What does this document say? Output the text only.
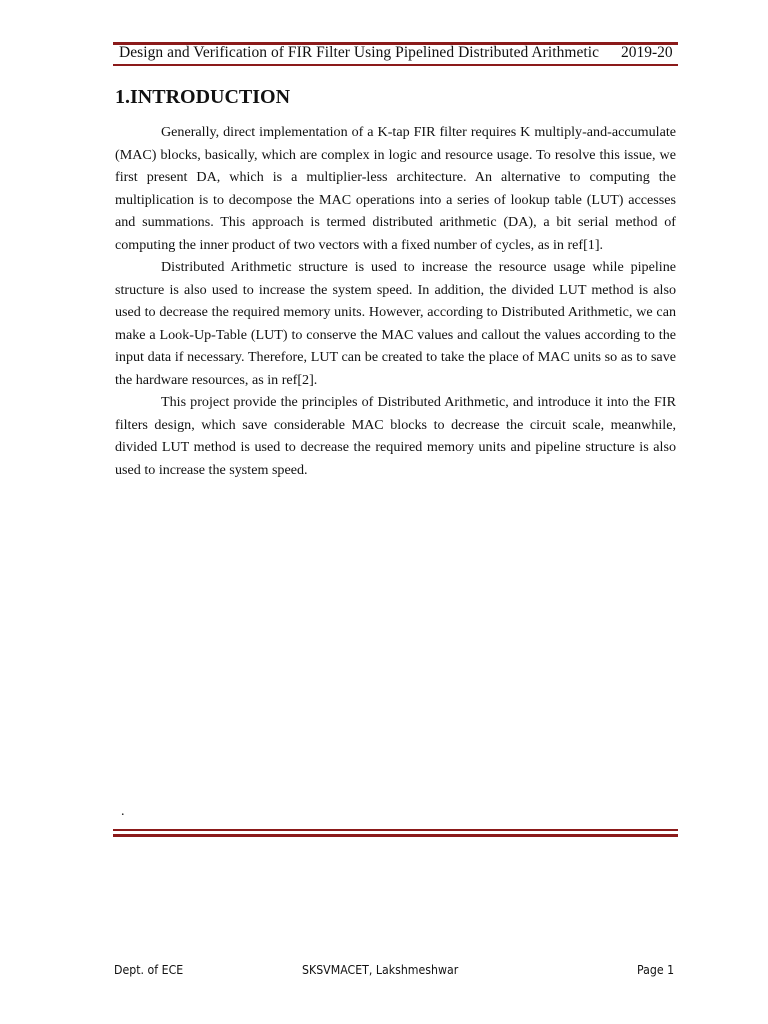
Design and Verification of FIR Filter Using Pipelined Distributed Arithmetic 2019-20
1.INTRODUCTION

Generally, direct implementation of a K-tap FIR filter requires K multiply-and-accumulate (MAC) blocks, basically, which are complex in logic and resource usage. To resolve this issue, we first present DA, which is a multiplier-less architecture. An alternative to computing the multiplication is to decompose the MAC operations into a series of lookup table (LUT) accesses and summations. This approach is termed distributed arithmetic (DA), a bit serial method of computing the inner product of two vectors with a fixed number of cycles, as in ref[1].

Distributed Arithmetic structure is used to increase the resource usage while pipeline structure is also used to increase the system speed. In addition, the divided LUT method is also used to decrease the required memory units. However, according to Distributed Arithmetic, we can make a Look-Up-Table (LUT) to conserve the MAC values and callout the values according to the input data if necessary. Therefore, LUT can be created to take the place of MAC units so as to save the hardware resources, as in ref[2].

This project provide the principles of Distributed Arithmetic, and introduce it into the FIR filters design, which save considerable MAC blocks to decrease the circuit scale, meanwhile, divided LUT method is used to decrease the required memory units and pipeline structure is also used to increase the system speed.

.
Dept. of ECE	SKSVMACET, Lakshmeshwar	Page 1
